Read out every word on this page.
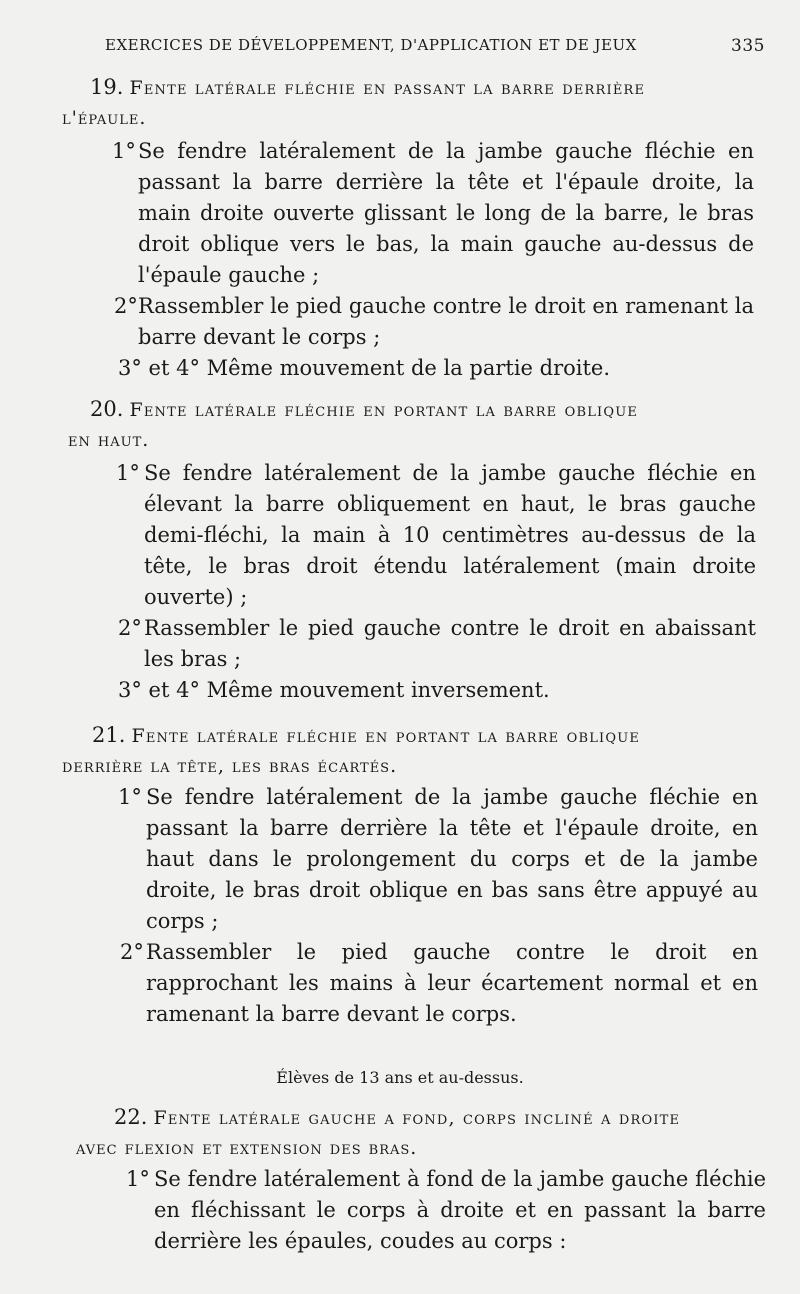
EXERCICES DE DÉVELOPPEMENT, D'APPLICATION ET DE JEUX	335
19. Fente latérale fléchie en passant la barre derrière
l'épaule.

1° Se fendre latéralement de la jambe gauche fléchie en passant la barre derrière la tête et l'épaule droite, la main droite ouverte glissant le long de la barre, le bras droit oblique vers le bas, la main gauche au-dessus de l'épaule gauche ;

2° Rassembler le pied gauche contre le droit en ramenant la barre devant le corps ;

3° et 4° Même mouvement de la partie droite.

20. Fente latérale fléchie en portant la barre oblique
en haut.

1° Se fendre latéralement de la jambe gauche fléchie en élevant la barre obliquement en haut, le bras gauche demi-fléchi, la main à 10 centimètres au-dessus de la tête, le bras droit étendu latéralement (main droite ouverte) ;

2° Rassembler le pied gauche contre le droit en abaissant les bras ;

3° et 4° Même mouvement inversement.

21. Fente latérale fléchie en portant la barre oblique
derrière la tête, les bras écartés.

1° Se fendre latéralement de la jambe gauche fléchie en passant la barre derrière la tête et l'épaule droite, en haut dans le prolongement du corps et de la jambe droite, le bras droit oblique en bas sans être appuyé au corps ;

2° Rassembler le pied gauche contre le droit en rapprochant les mains à leur écartement normal et en ramenant la barre devant le corps.

Élèves de 13 ans et au-dessus.
22. Fente latérale gauche a fond, corps incliné a droite
avec flexion et extension des bras.

1° Se fendre latéralement à fond de la jambe gauche fléchie en fléchissant le corps à droite et en passant la barre derrière les épaules, coudes au corps :
